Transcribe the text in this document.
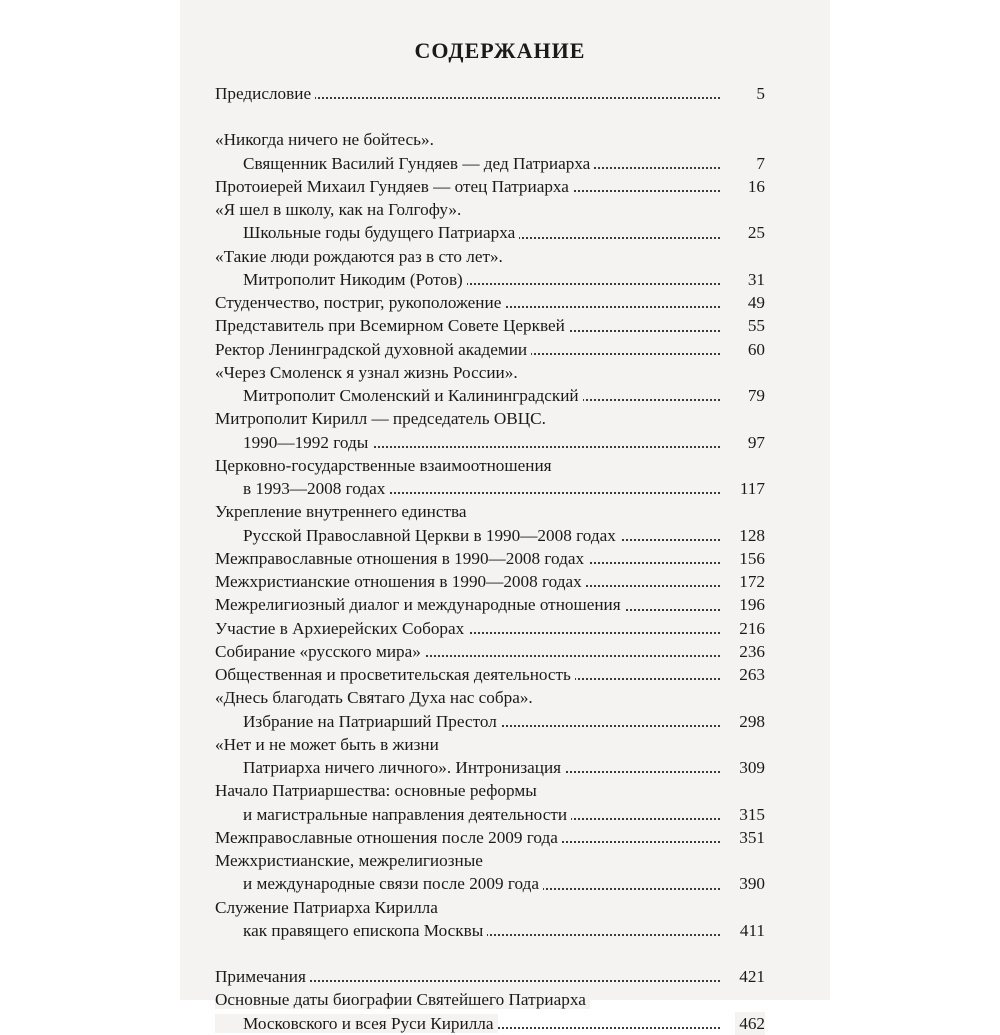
СОДЕРЖАНИЕ
Предисловие	5
«Никогда ничего не бойтесь».
Священник Василий Гундяев — дед Патриарха	7
Протоиерей Михаил Гундяев — отец Патриарха	16
«Я шел в школу, как на Голгофу».
Школьные годы будущего Патриарха	25
«Такие люди рождаются раз в сто лет».
Митрополит Никодим (Ротов)	31
Студенчество, постриг, рукоположение	49
Представитель при Всемирном Совете Церквей	55
Ректор Ленинградской духовной академии	60
«Через Смоленск я узнал жизнь России».
Митрополит Смоленский и Калининградский	79
Митрополит Кирилл — председатель ОВЦС.
1990—1992 годы	97
Церковно-государственные взаимоотношения
в 1993—2008 годах	117
Укрепление внутреннего единства
Русской Православной Церкви в 1990—2008 годах	128
Межправославные отношения в 1990—2008 годах	156
Межхристианские отношения в 1990—2008 годах	172
Межрелигиозный диалог и международные отношения	196
Участие в Архиерейских Соборах	216
Собирание «русского мира»	236
Общественная и просветительская деятельность	263
«Днесь благодать Святаго Духа нас собра».
Избрание на Патриарший Престол	298
«Нет и не может быть в жизни
Патриарха ничего личного». Интронизация	309
Начало Патриаршества: основные реформы
и магистральные направления деятельности	315
Межправославные отношения после 2009 года	351
Межхристианские, межрелигиозные
и международные связи после 2009 года	390
Служение Патриарха Кирилла
как правящего епископа Москвы	411
Примечания	421
Основные даты биографии Святейшего Патриарха
Московского и всея Руси Кирилла	462
